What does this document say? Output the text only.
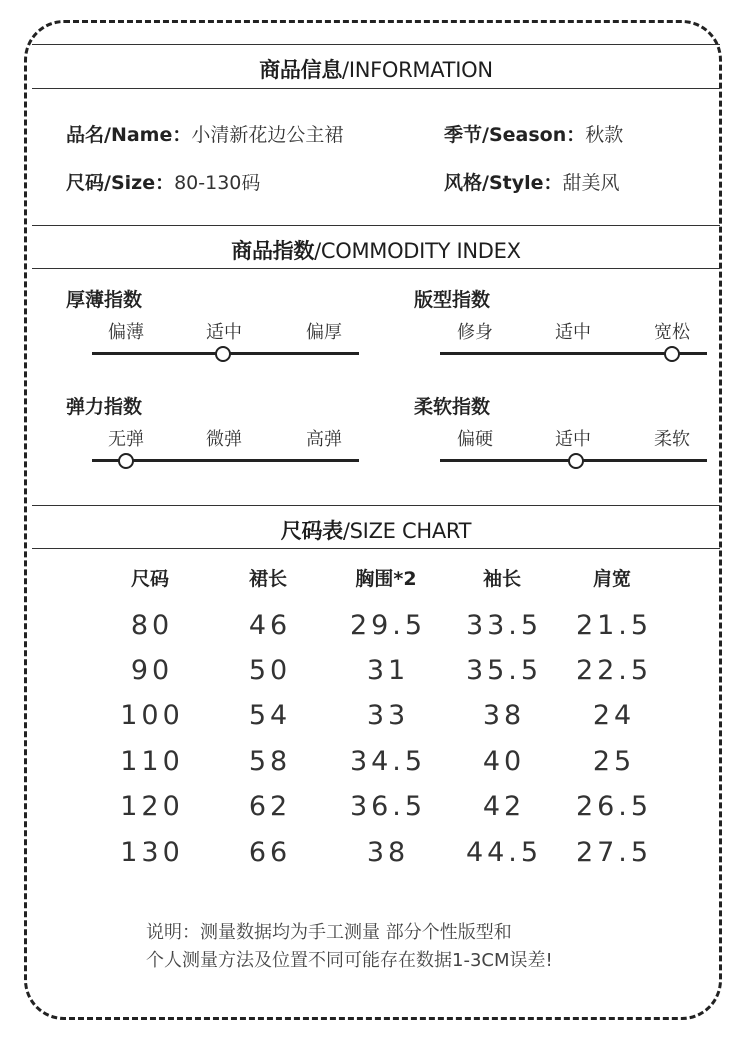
商品信息/INFORMATION
品名/Name：小清新花边公主裙	季节/Season：秋款
尺码/Size：80-130码	风格/Style：甜美风
商品指数/COMMODITY INDEX
厚薄指数
偏薄	适中	偏厚
版型指数
修身	适中	宽松
弹力指数
无弹	微弹	高弹
柔软指数
偏硬	适中	柔软
尺码表/SIZE CHART
尺码	裙长	胸围*2	袖长	肩宽
80	46	29.5	33.5	21.5
90	50	31	35.5	22.5
100	54	33	38	24
110	58	34.5	40	25
120	62	36.5	42	26.5
130	66	38	44.5	27.5
说明：测量数据均为手工测量 部分个性版型和
个人测量方法及位置不同可能存在数据1-3CM误差!
